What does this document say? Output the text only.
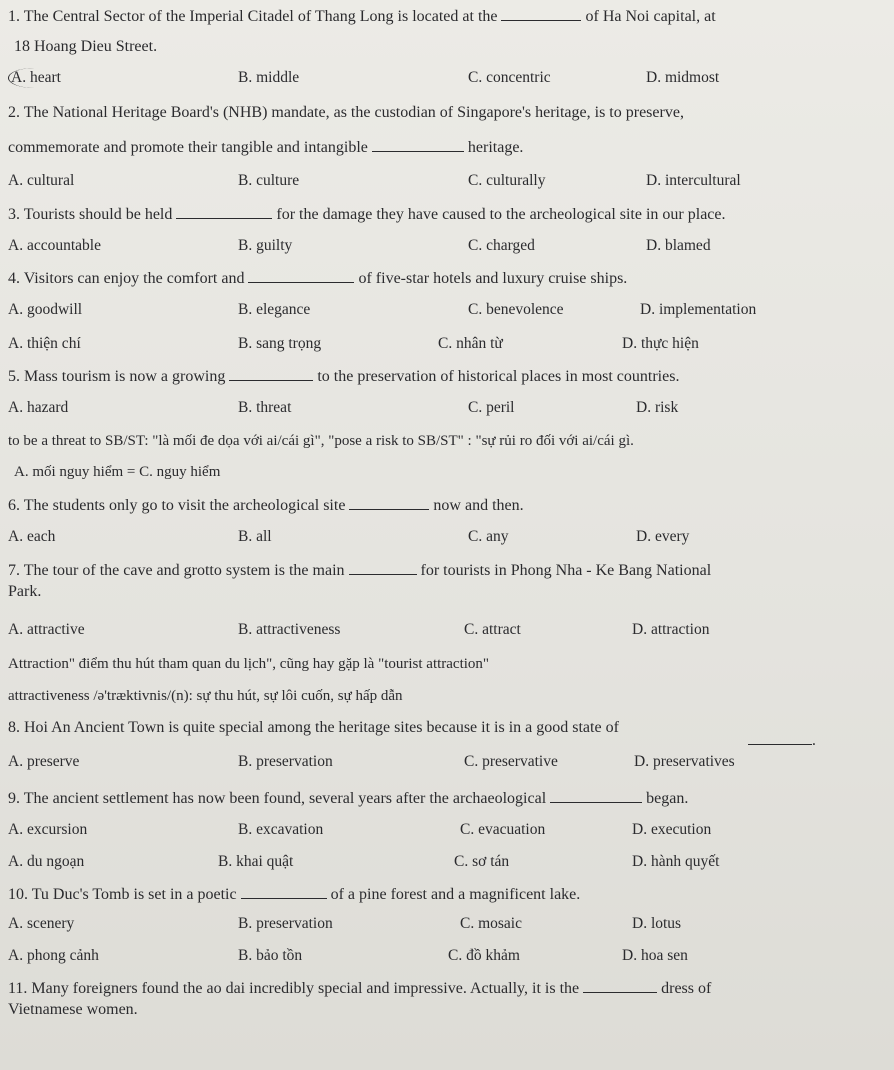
1. The Central Sector of the Imperial Citadel of Thang Long is located at the	of Ha Noi capital, at
18 Hoang Dieu Street.
A. heart	B. middle	C. concentric	D. midmost
2. The National Heritage Board's (NHB) mandate, as the custodian of Singapore's heritage, is to preserve,
commemorate and promote their tangible and intangible	heritage.
A. cultural	B. culture	C. culturally	D. intercultural
3. Tourists should be held	for the damage they have caused to the archeological site in our place.
A. accountable	B. guilty	C. charged	D. blamed
4. Visitors can enjoy the comfort and	of five-star hotels and luxury cruise ships.
A. goodwill	B. elegance	C. benevolence	D. implementation
A. thiện chí	B. sang trọng	C. nhân từ	D. thực hiện
5. Mass tourism is now a growing	to the preservation of historical places in most countries.
A. hazard	B. threat	C. peril	D. risk
to be a threat to SB/ST: "là mối đe dọa với ai/cái gì", "pose a risk to SB/ST" : "sự rủi ro đối với ai/cái gì.
A. mối nguy hiểm = C. nguy hiểm
6. The students only go to visit the archeological site	now and then.
A. each	B. all	C. any	D. every
7. The tour of the cave and grotto system is the main	for tourists in Phong Nha - Ke Bang National
Park.
A. attractive	B. attractiveness	C. attract	D. attraction
Attraction" điểm thu hút tham quan du lịch", cũng hay gặp là "tourist attraction"
attractiveness /ə'træktivnis/(n): sự thu hút, sự lôi cuốn, sự hấp dẫn
8. Hoi An Ancient Town is quite special among the heritage sites because it is in a good state of
.
A. preserve	B. preservation	C. preservative	D. preservatives
9. The ancient settlement has now been found, several years after the archaeological	began.
A. excursion	B. excavation	C. evacuation	D. execution
A. du ngoạn	B. khai quật	C. sơ tán	D. hành quyết
10. Tu Duc's Tomb is set in a poetic	of a pine forest and a magnificent lake.
A. scenery	B. preservation	C. mosaic	D. lotus
A. phong cảnh	B. bảo tồn	C. đồ khảm	D. hoa sen
11. Many foreigners found the ao dai incredibly special and impressive. Actually, it is the	dress of
Vietnamese women.
